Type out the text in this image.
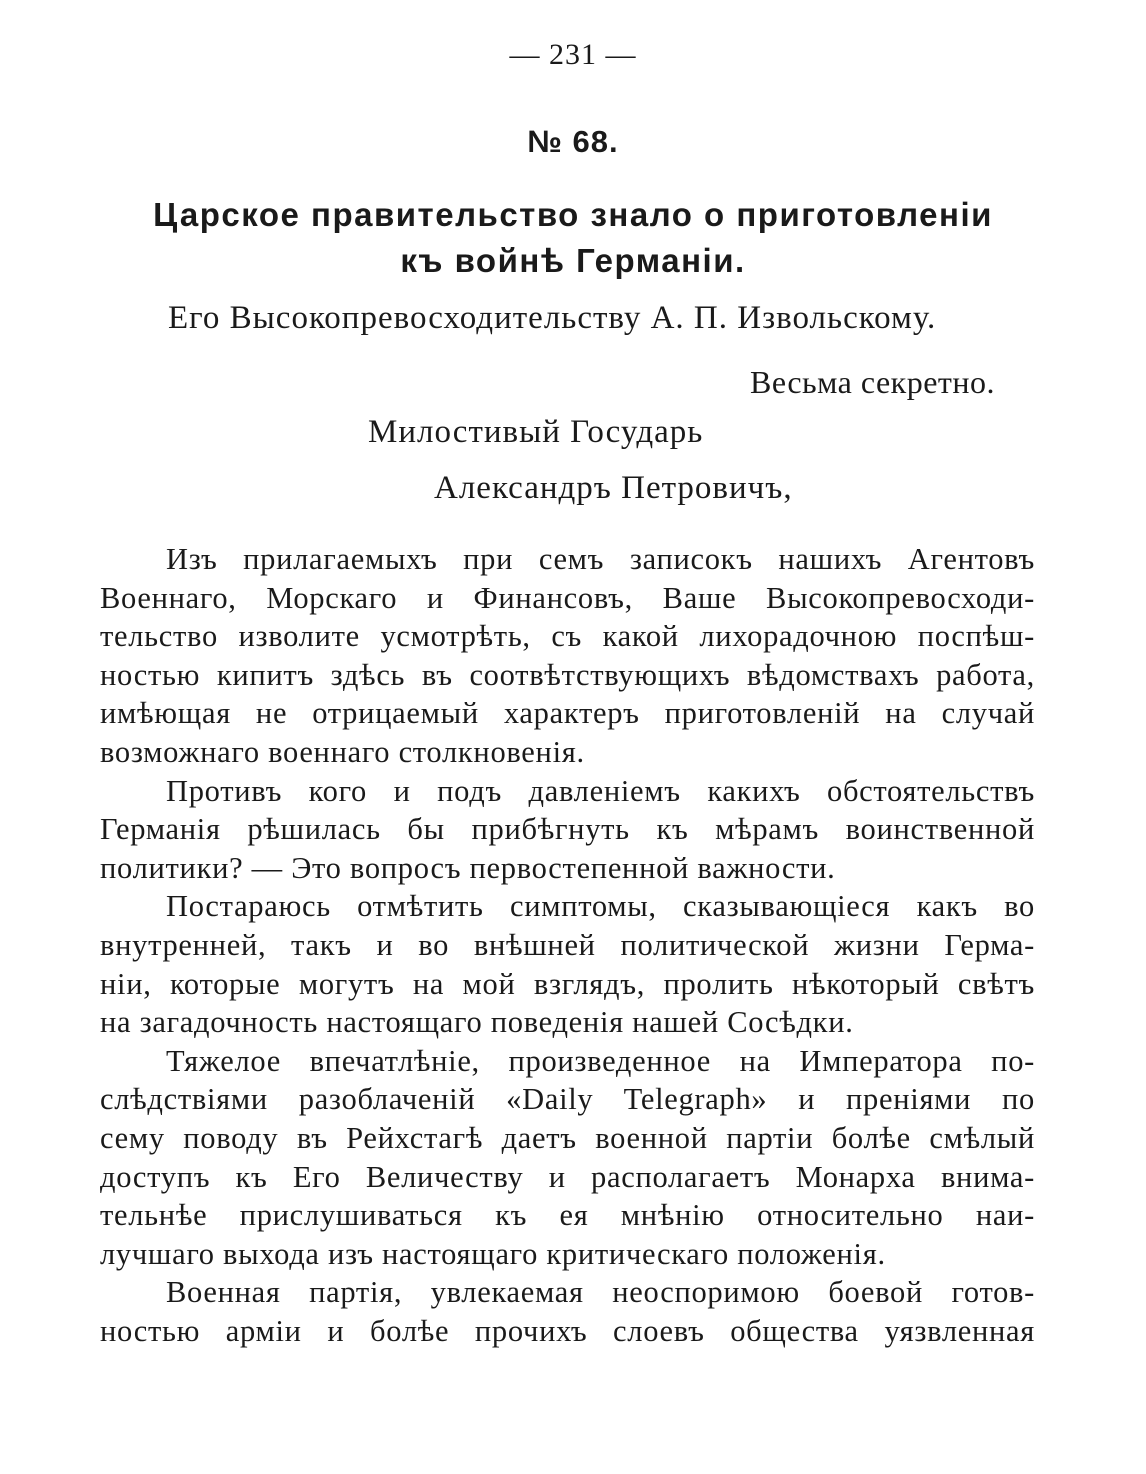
— 231 —
№ 68.
Царское правительство знало о приготовленіи
къ войнѣ Германіи.
Его Высокопревосходительству А. П. Извольскому.
Весьма секретно.
Милостивый Государь
Александръ Петровичъ,

Изъ прилагаемыхъ при семъ записокъ нашихъ Агентовъ
Военнаго, Морскаго и Финансовъ, Ваше Высокопревосходи-
тельство изволите усмотрѣть, съ какой лихорадочною поспѣш-
ностью кипитъ здѣсь въ соотвѣтствующихъ вѣдомствахъ работа,
имѣющая не отрицаемый характеръ приготовленій на случай
возможнаго военнаго столкновенія.

Противъ кого и подъ давленіемъ какихъ обстоятельствъ
Германія рѣшилась бы прибѣгнуть къ мѣрамъ воинственной
политики? — Это вопросъ первостепенной важности.

Постараюсь отмѣтить симптомы, сказывающіеся какъ во
внутренней, такъ и во внѣшней политической жизни Герма-
ніи, которые могутъ на мой взглядъ, пролить нѣкоторый свѣтъ
на загадочность настоящаго поведенія нашей Сосѣдки.

Тяжелое впечатлѣніе, произведенное на Императора по-
слѣдствіями разоблаченій «Daily Telegraph» и преніями по
сему поводу въ Рейхстагѣ даетъ военной партіи болѣе смѣлый
доступъ къ Его Величеству и располагаетъ Монарха внима-
тельнѣе прислушиваться къ ея мнѣнію относительно наи-
лучшаго выхода изъ настоящаго критическаго положенія.

Военная партія, увлекаемая неоспоримою боевой готов-
ностью арміи и болѣе прочихъ слоевъ общества уязвленная
